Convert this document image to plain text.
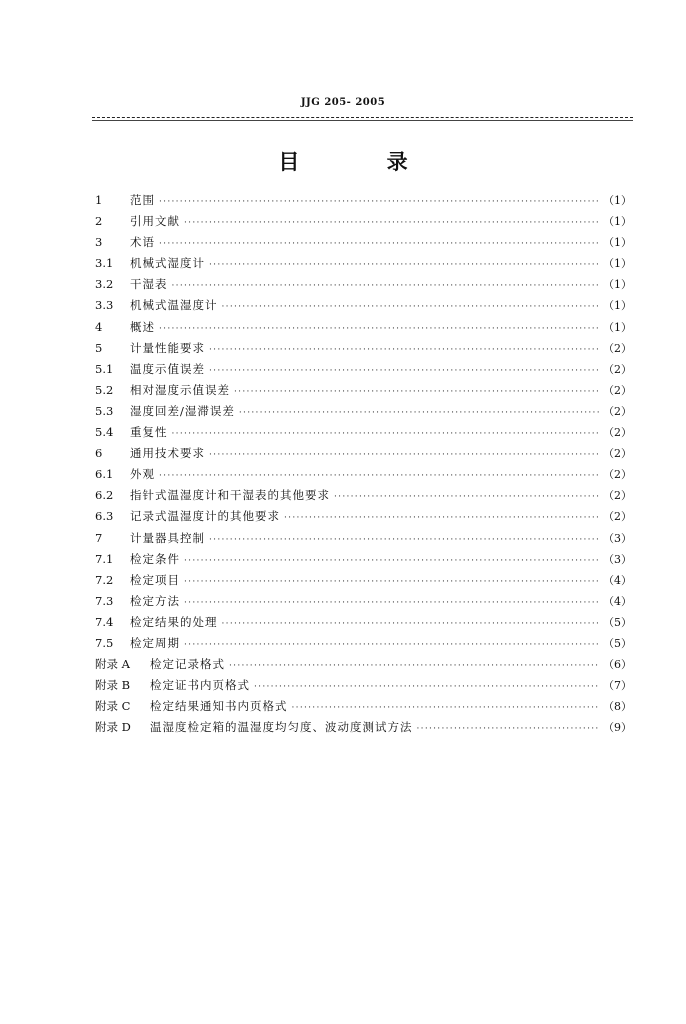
JJG 205- 2005
目 录
1	范围 ·····	（1）
2	引用文献 ·····	（1）
3	术语 ·····	（1）
3.1	机械式湿度计 ·····	（1）
3.2	干湿表 ·····	（1）
3.3	机械式温湿度计 ·····	（1）
4	概述 ·····	（1）
5	计量性能要求 ·····	（2）
5.1	温度示值误差 ·····	（2）
5.2	相对湿度示值误差 ·····	（2）
5.3	湿度回差/湿滞误差 ·····	（2）
5.4	重复性 ·····	（2）
6	通用技术要求 ·····	（2）
6.1	外观 ·····	（2）
6.2	指针式温湿度计和干湿表的其他要求 ·····	（2）
6.3	记录式温湿度计的其他要求 ·····	（2）
7	计量器具控制 ·····	（3）
7.1	检定条件 ·····	（3）
7.2	检定项目 ·····	（4）
7.3	检定方法 ·····	（4）
7.4	检定结果的处理 ·····	（5）
7.5	检定周期 ·····	（5）
附录 A	检定记录格式 ·····	（6）
附录 B	检定证书内页格式 ·····	（7）
附录 C	检定结果通知书内页格式 ·····	（8）
附录 D	温湿度检定箱的温湿度均匀度、波动度测试方法 ·····	（9）
